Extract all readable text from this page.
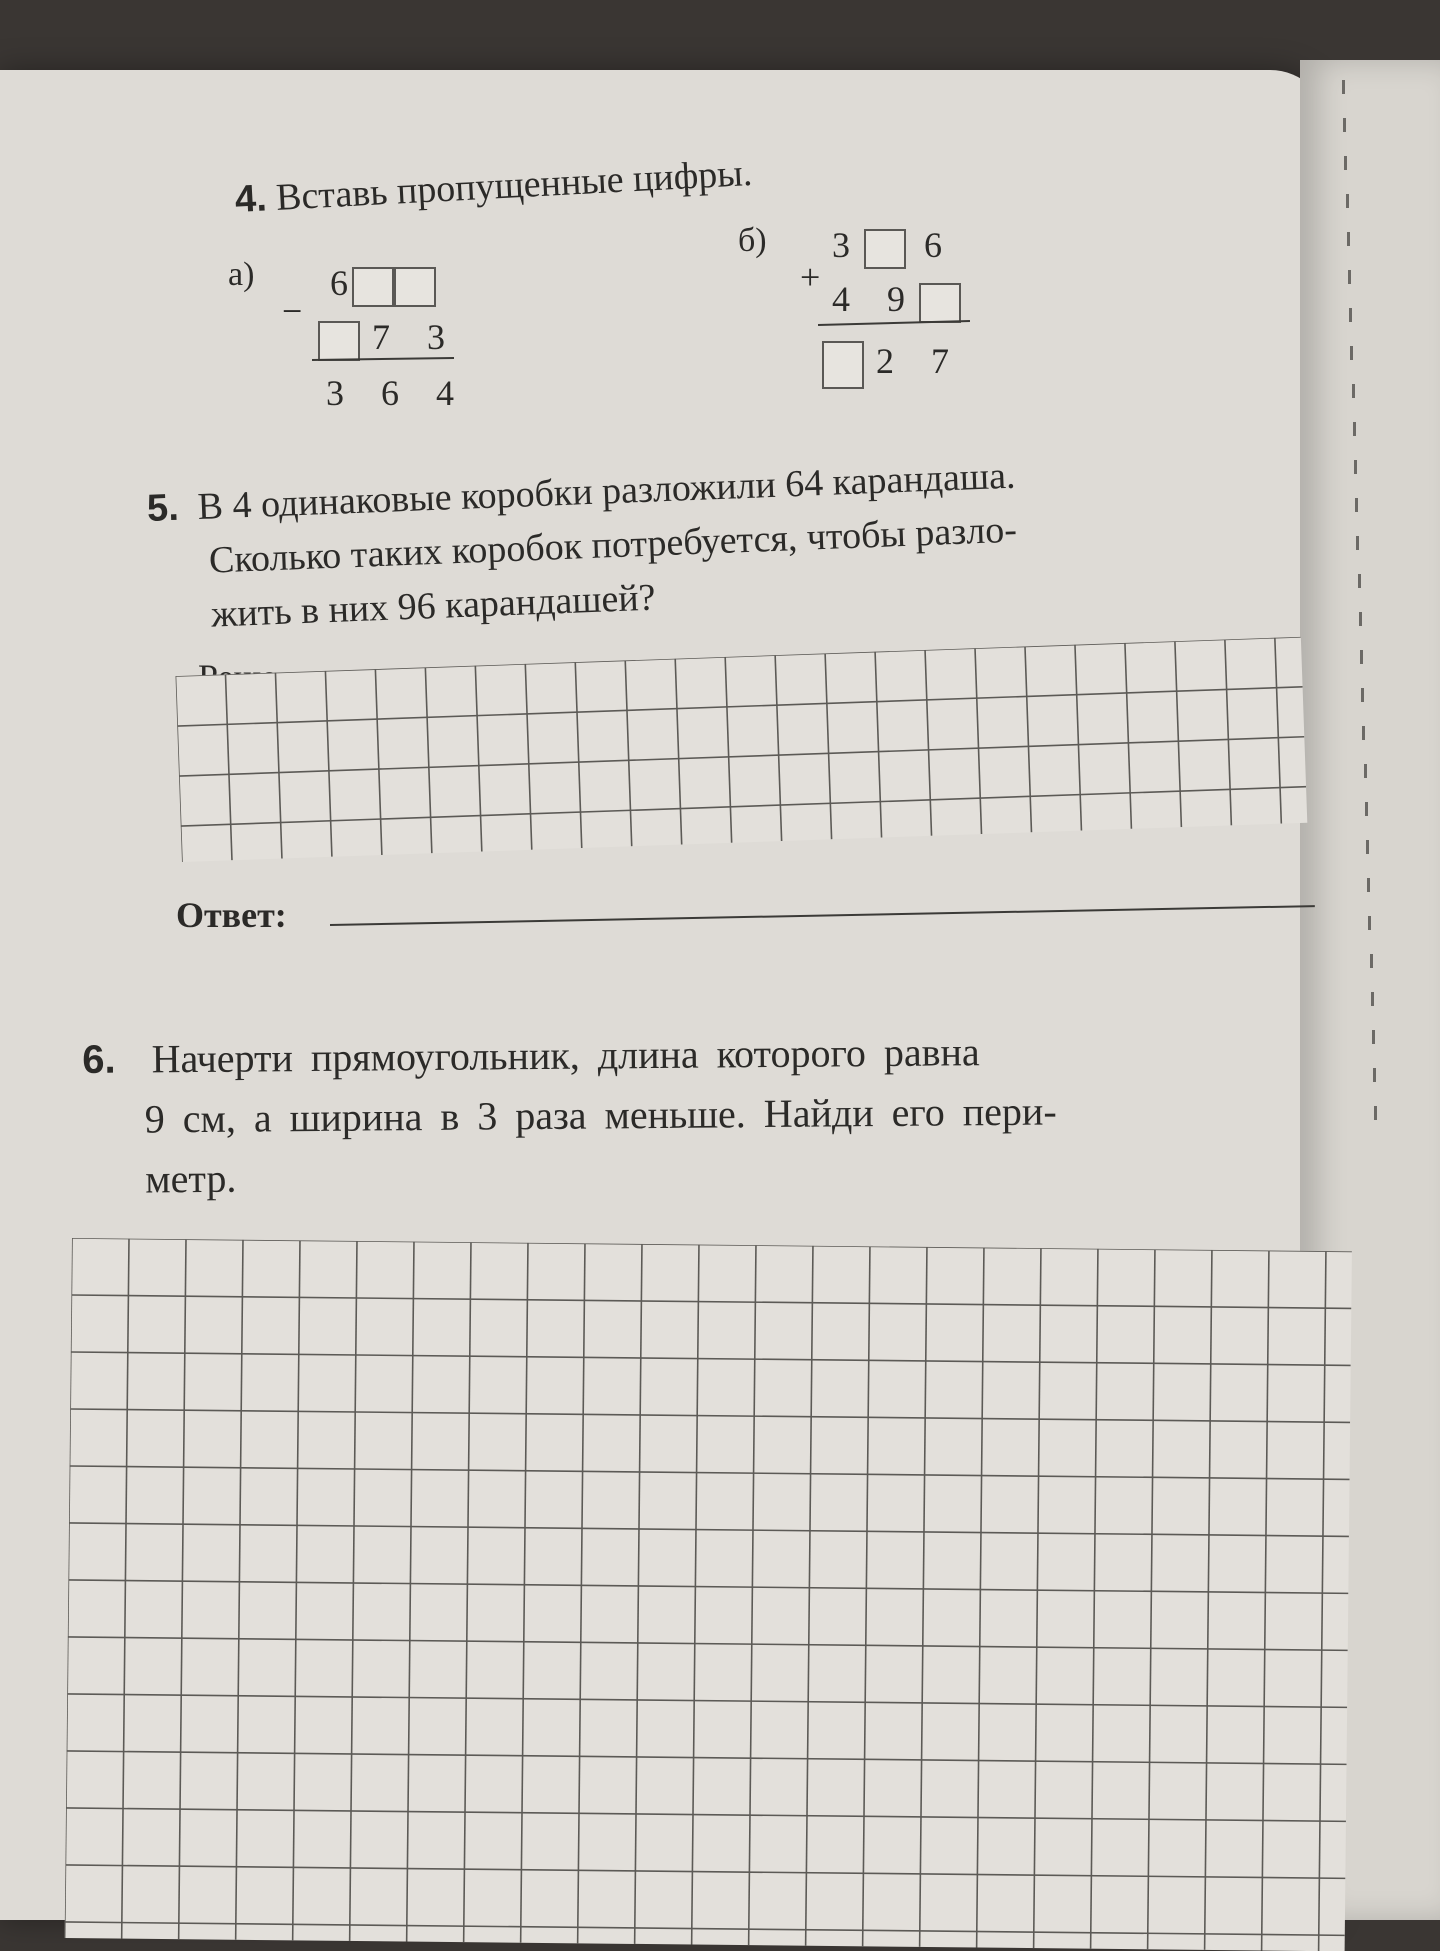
4. Вставь пропущенные цифры.
а) 6
−
7 3
3 6 4
б) 3 6
+
4 9
2 7
5. В 4 одинаковые коробки разложили 64 карандаша.
Сколько таких коробок потребуется, чтобы разло-
жить в них 96 карандашей?
Ответ:
6. Начерти прямоугольник, длина которого равна
9 см, а ширина в 3 раза меньше. Найди его пери-
метр.
